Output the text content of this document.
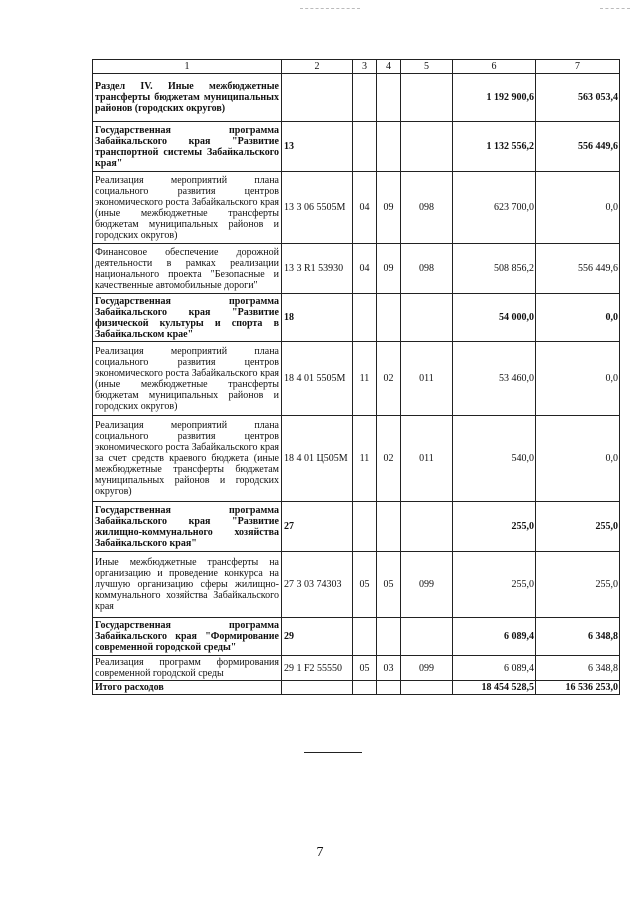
1	2	3	4	5	6	7
Раздел IV. Иные межбюджетные трансферты бюджетам муниципальных районов (городских округов)					1 192 900,6	563 053,4
Государственная программа Забайкальского края "Развитие транспортной системы Забайкальского края"	13				1 132 556,2	556 449,6
Реализация мероприятий плана социального развития центров экономического роста Забайкальского края (иные межбюджетные трансферты бюджетам муниципальных районов и городских округов)	13 3 06 5505М	04	09	098	623 700,0	0,0
Финансовое обеспечение дорожной деятельности в рамках реализации национального проекта "Безопасные и качественные автомобильные дороги"	13 3 R1 53930	04	09	098	508 856,2	556 449,6
Государственная программа Забайкальского края "Развитие физической культуры и спорта в Забайкальском крае"	18				54 000,0	0,0
Реализация мероприятий плана социального развития центров экономического роста Забайкальского края (иные межбюджетные трансферты бюджетам муниципальных районов и городских округов)	18 4 01 5505М	11	02	011	53 460,0	0,0
Реализация мероприятий плана социального развития центров экономического роста Забайкальского края за счет средств краевого бюджета (иные межбюджетные трансферты бюджетам муниципальных районов и городских округов)	18 4 01 Ц505М	11	02	011	540,0	0,0
Государственная программа Забайкальского края "Развитие жилищно-коммунального хозяйства Забайкальского края"	27				255,0	255,0
Иные межбюджетные трансферты на организацию и проведение конкурса на лучшую организацию сферы жилищно-коммунального хозяйства Забайкальского края	27 3 03 74303	05	05	099	255,0	255,0
Государственная программа Забайкальского края "Формирование современной городской среды"	29				6 089,4	6 348,8
Реализация программ формирования современной городской среды	29 1 F2 55550	05	03	099	6 089,4	6 348,8
Итого расходов					18 454 528,5	16 536 253,0
7
